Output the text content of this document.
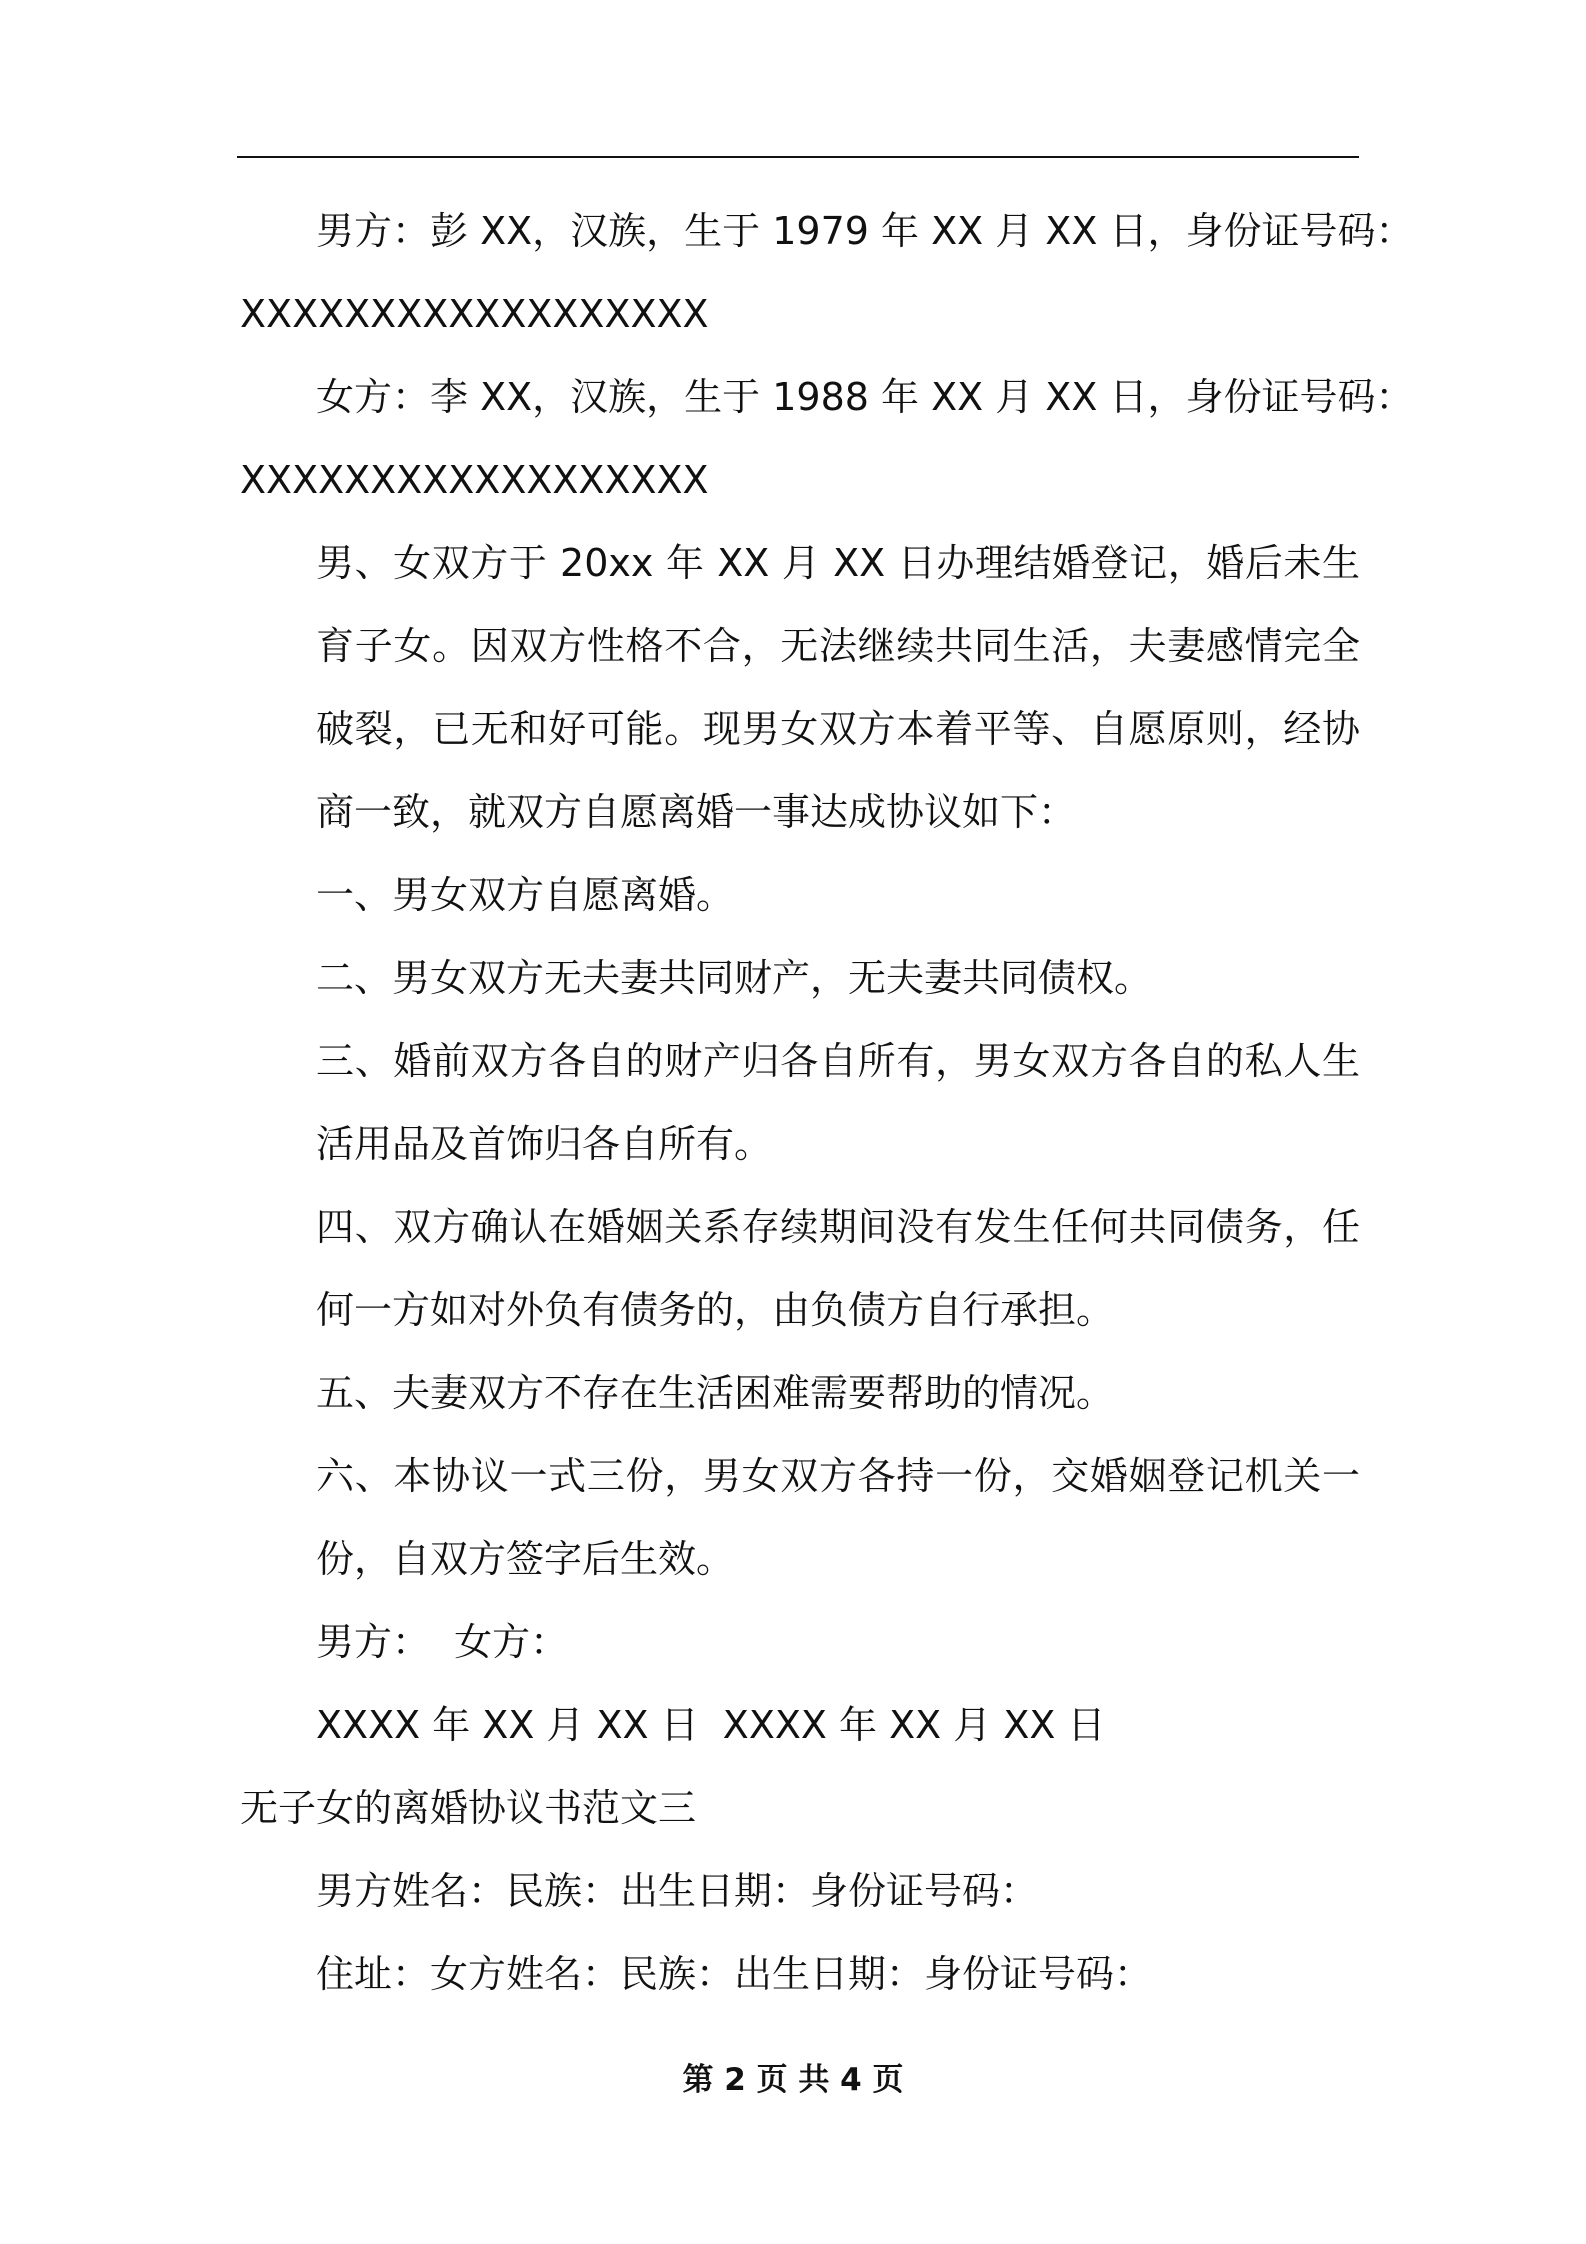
男方：彭 XX，汉族，生于 1979 年 XX 月 XX 日，身份证号码：
XXXXXXXXXXXXXXXXXX
女方：李 XX，汉族，生于 1988 年 XX 月 XX 日，身份证号码：
XXXXXXXXXXXXXXXXXX

男、女双方于 20xx 年 XX 月 XX 日办理结婚登记，婚后未生育子女。因双方性格不合，无法继续共同生活，夫妻感情完全破裂，已无和好可能。现男女双方本着平等、自愿原则，经协商一致，就双方自愿离婚一事达成协议如下：

一、男女双方自愿离婚。

二、男女双方无夫妻共同财产，无夫妻共同债权。

三、婚前双方各自的财产归各自所有，男女双方各自的私人生活用品及首饰归各自所有。

四、双方确认在婚姻关系存续期间没有发生任何共同债务，任何一方如对外负有债务的，由负债方自行承担。

五、夫妻双方不存在生活困难需要帮助的情况。

六、本协议一式三份，男女双方各持一份，交婚姻登记机关一份，自双方签字后生效。

男方：  女方：
XXXX 年 XX 月 XX 日  XXXX 年 XX 月 XX 日
无子女的离婚协议书范文三
男方姓名：民族：出生日期：身份证号码：
住址：女方姓名：民族：出生日期：身份证号码：
第 2 页 共 4 页
